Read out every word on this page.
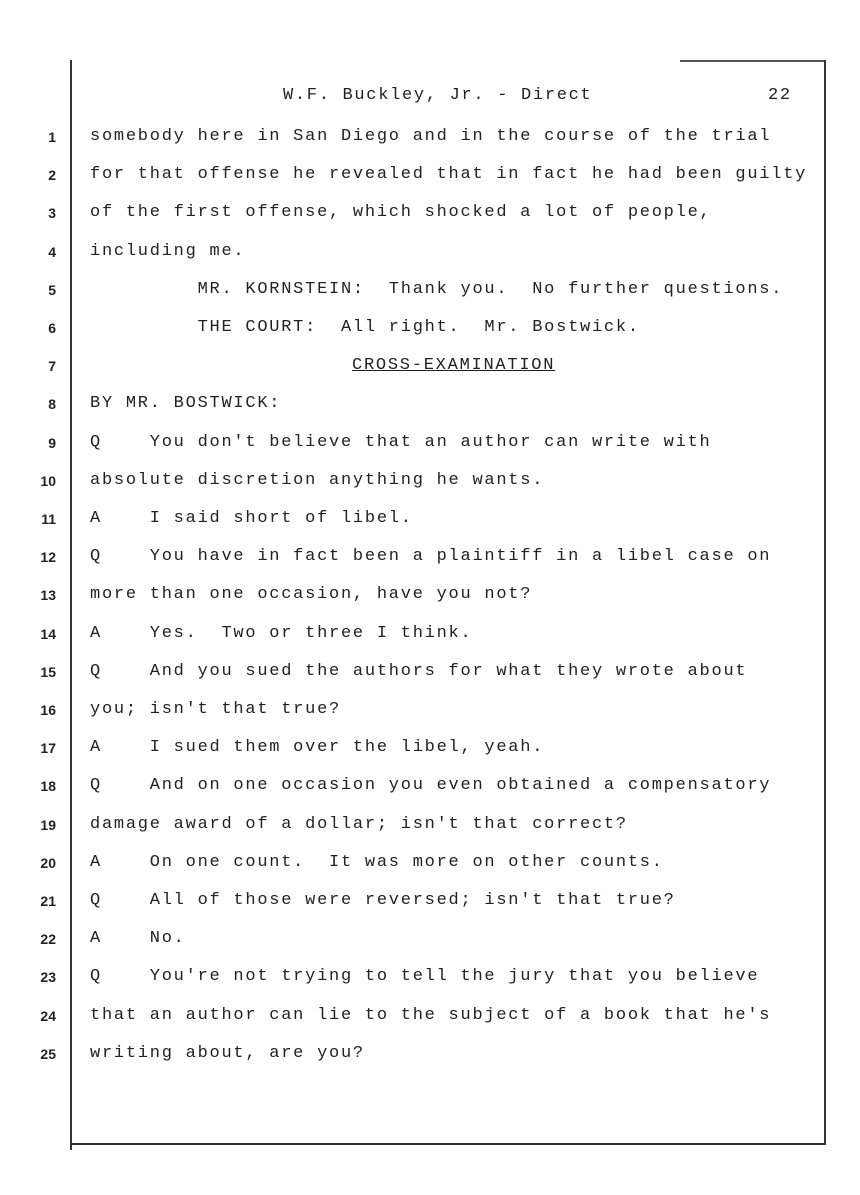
W.F. Buckley, Jr. - Direct	22
1 somebody here in San Diego and in the course of the trial
2 for that offense he revealed that in fact he had been guilty
3 of the first offense, which shocked a lot of people,
4 including me.
5 MR. KORNSTEIN:  Thank you.  No further questions.
6 THE COURT:  All right.  Mr. Bostwick.
7	CROSS-EXAMINATION
8 BY MR. BOSTWICK:
9 Q    You don't believe that an author can write with
10 absolute discretion anything he wants.
11 A    I said short of libel.
12 Q    You have in fact been a plaintiff in a libel case on
13 more than one occasion, have you not?
14 A    Yes.  Two or three I think.
15 Q    And you sued the authors for what they wrote about
16 you; isn't that true?
17 A    I sued them over the libel, yeah.
18 Q    And on one occasion you even obtained a compensatory
19 damage award of a dollar; isn't that correct?
20 A    On one count.  It was more on other counts.
21 Q    All of those were reversed; isn't that true?
22 A    No.
23 Q    You're not trying to tell the jury that you believe
24 that an author can lie to the subject of a book that he's
25 writing about, are you?
